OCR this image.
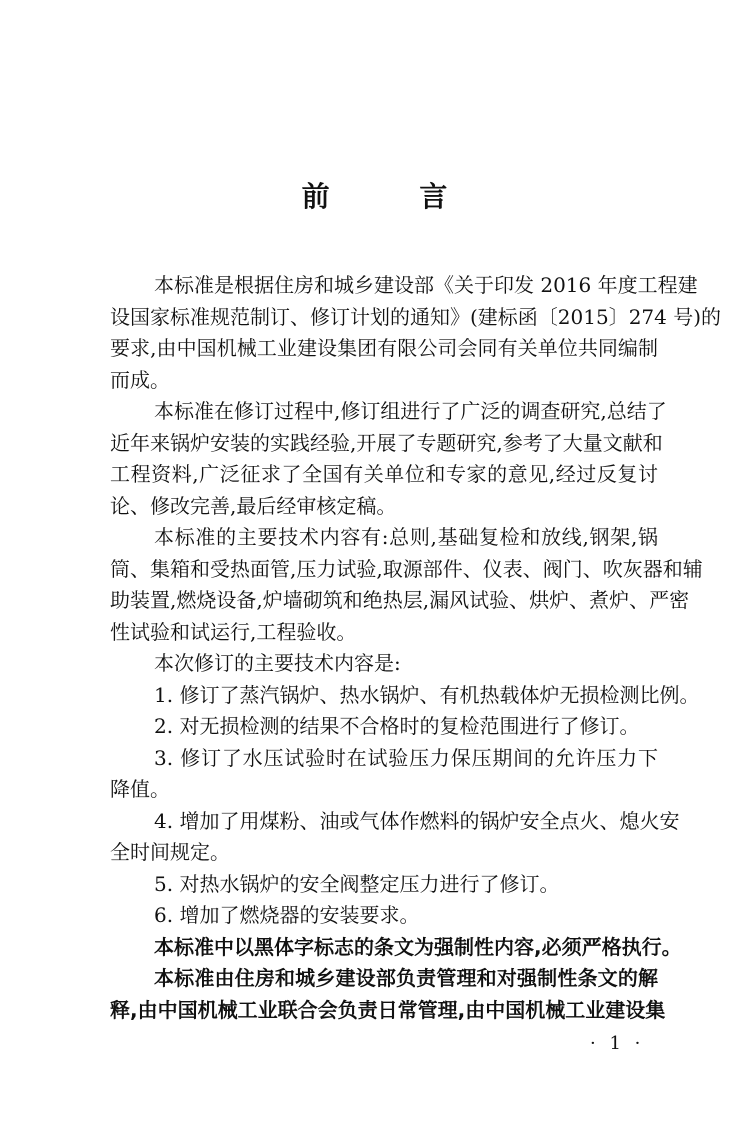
前 言
本标准是根据住房和城乡建设部《关于印发 2016 年度工程建
设国家标准规范制订、修订计划的通知》(建标函〔2015〕274 号)的
要求,由中国机械工业建设集团有限公司会同有关单位共同编制
而成。
本标准在修订过程中,修订组进行了广泛的调查研究,总结了
近年来锅炉安装的实践经验,开展了专题研究,参考了大量文献和
工程资料,广泛征求了全国有关单位和专家的意见,经过反复讨
论、修改完善,最后经审核定稿。
本标准的主要技术内容有:总则,基础复检和放线,钢架,锅
筒、集箱和受热面管,压力试验,取源部件、仪表、阀门、吹灰器和辅
助装置,燃烧设备,炉墙砌筑和绝热层,漏风试验、烘炉、煮炉、严密
性试验和试运行,工程验收。
本次修订的主要技术内容是:
1. 修订了蒸汽锅炉、热水锅炉、有机热载体炉无损检测比例。
2. 对无损检测的结果不合格时的复检范围进行了修订。
3. 修订了水压试验时在试验压力保压期间的允许压力下
降值。
4. 增加了用煤粉、油或气体作燃料的锅炉安全点火、熄火安
全时间规定。
5. 对热水锅炉的安全阀整定压力进行了修订。
6. 增加了燃烧器的安装要求。
本标准中以黑体字标志的条文为强制性内容,必须严格执行。
本标准由住房和城乡建设部负责管理和对强制性条文的解
释,由中国机械工业联合会负责日常管理,由中国机械工业建设集
· 1 ·
